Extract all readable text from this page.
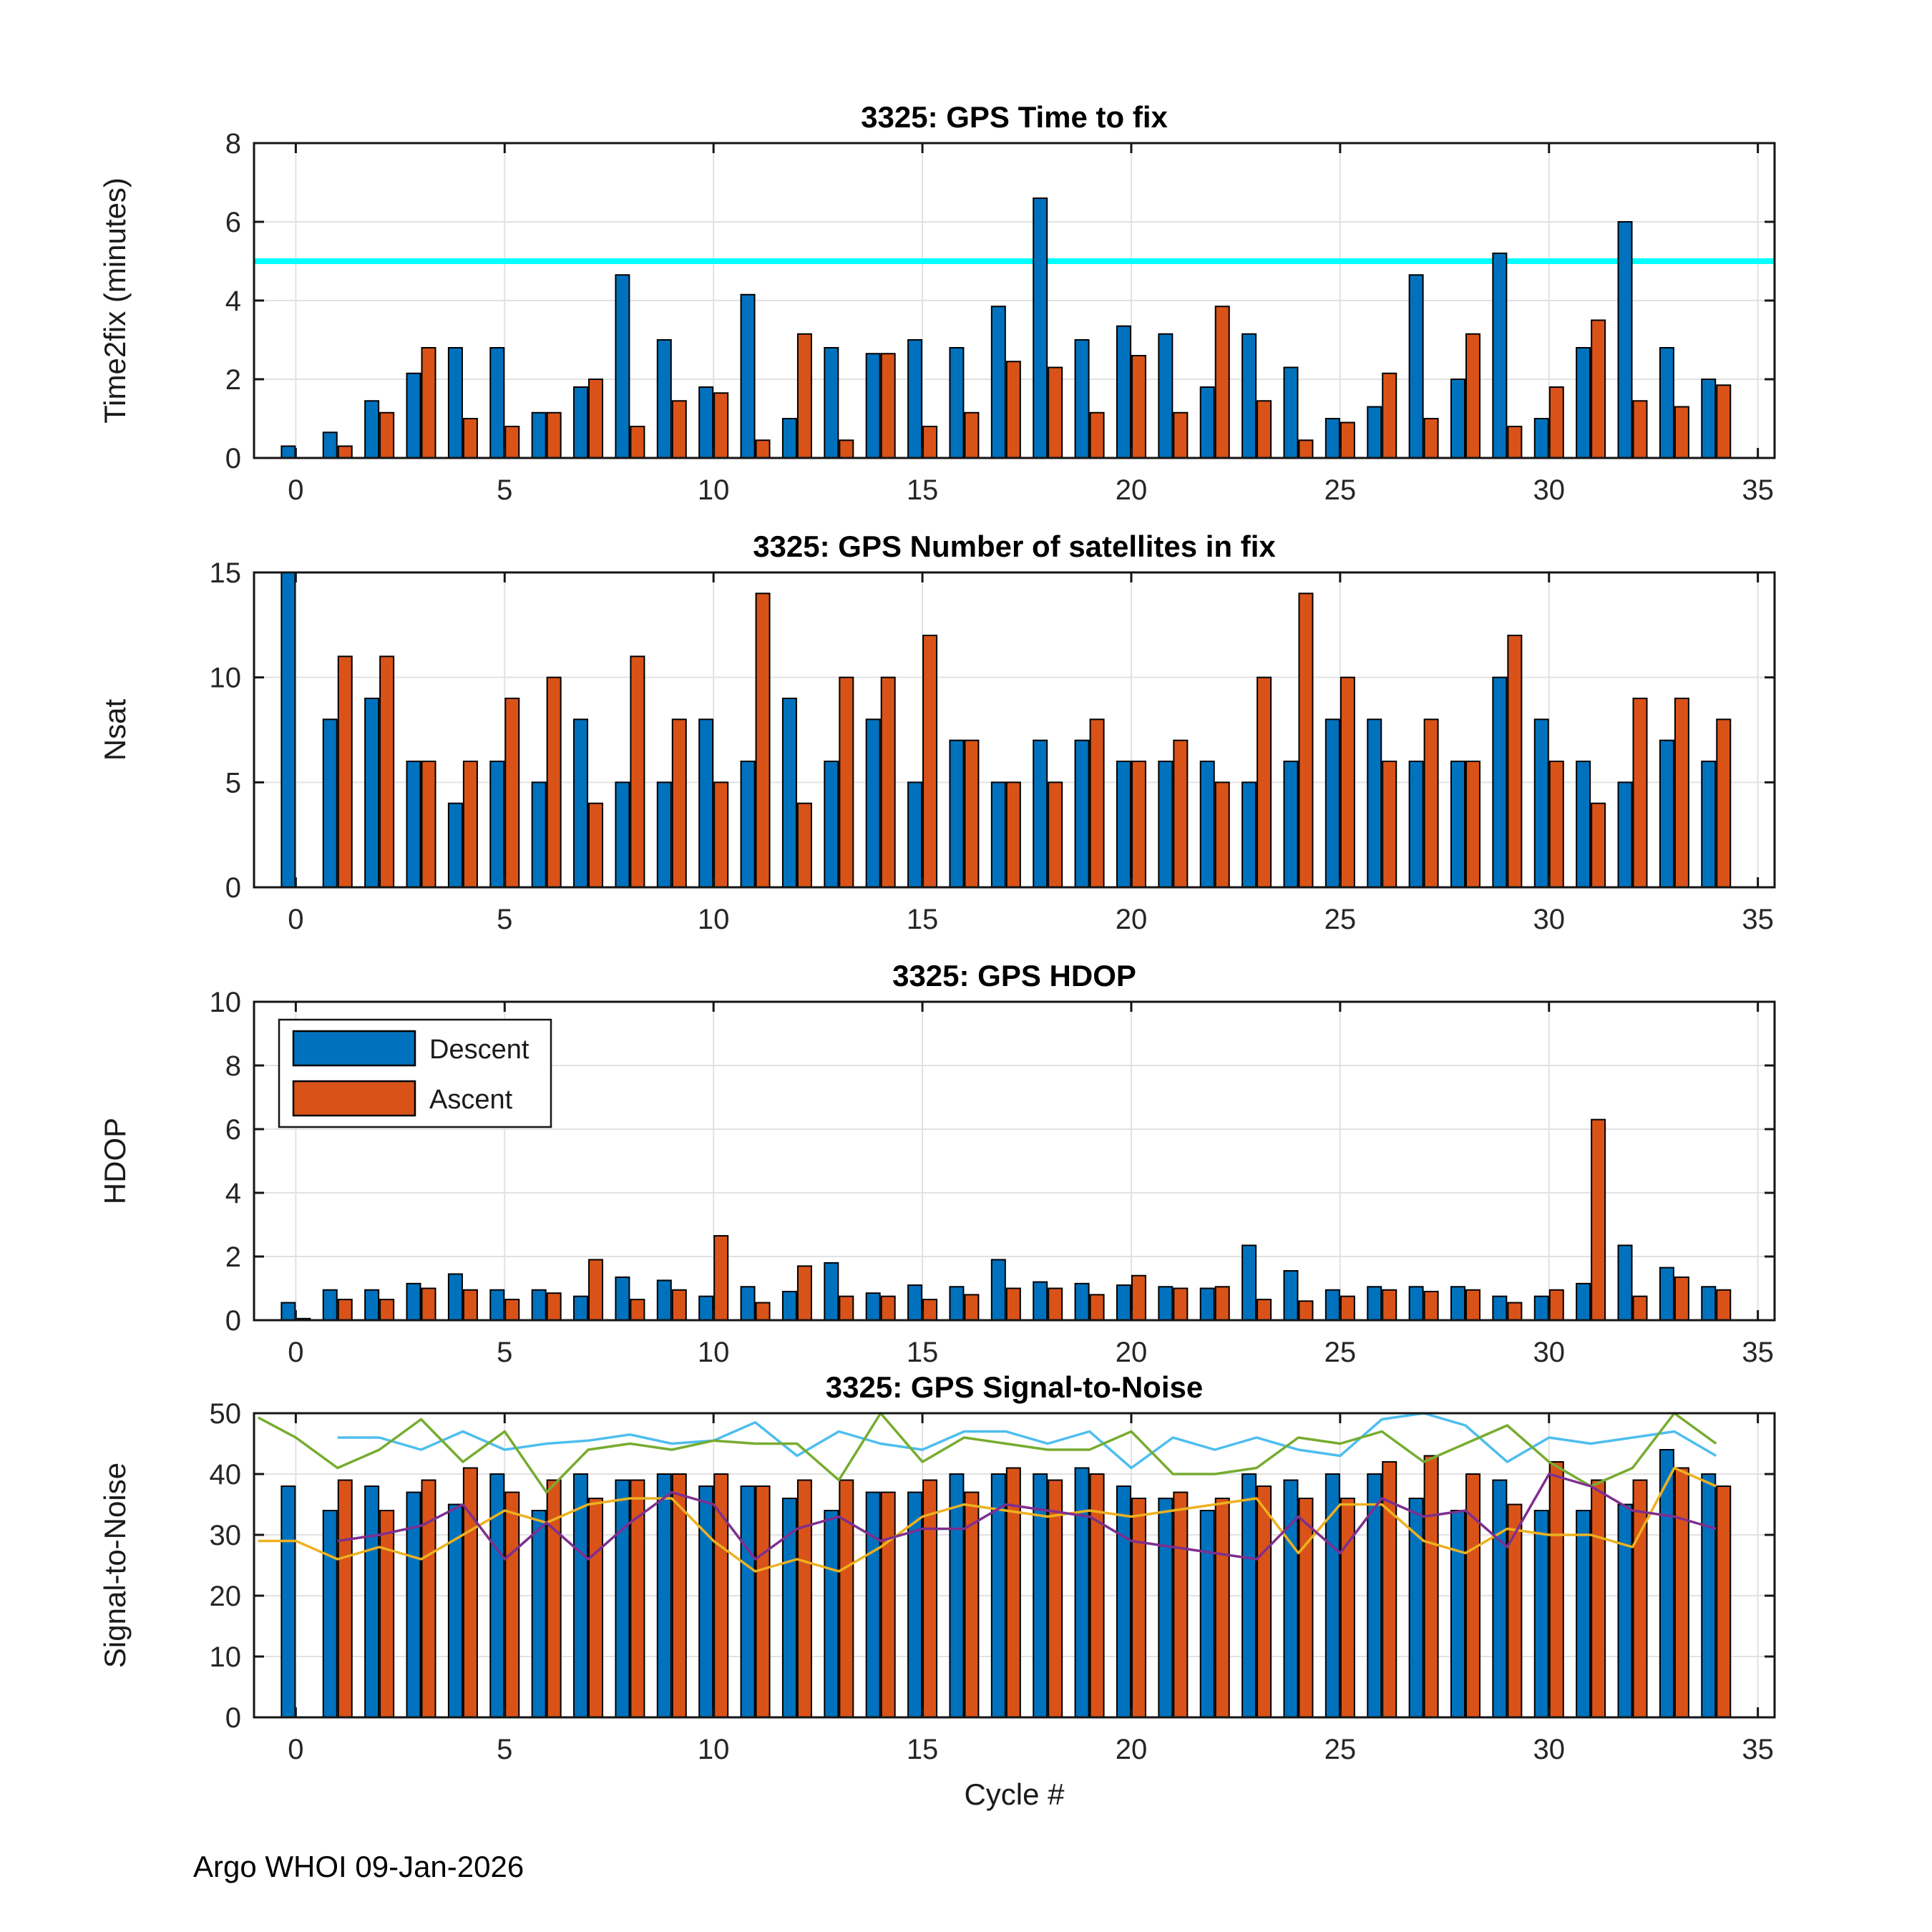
0	5	10	15	20	25	30	35
0
2
4
6
8
3325: GPS Time to fix
Time2fix (minutes)
0	5	10	15	20	25	30	35
0
5
10
15
3325: GPS Number of satellites in fix
Nsat
0	5	10	15	20	25	30	35
0
2
4
6
8
10
3325: GPS HDOP
HDOP
Descent
Ascent
0	5	10	15	20	25	30	35
0
10
20
30
40
50
3325: GPS Signal-to-Noise
Signal-to-Noise
Cycle #
Argo WHOI 09-Jan-2026
